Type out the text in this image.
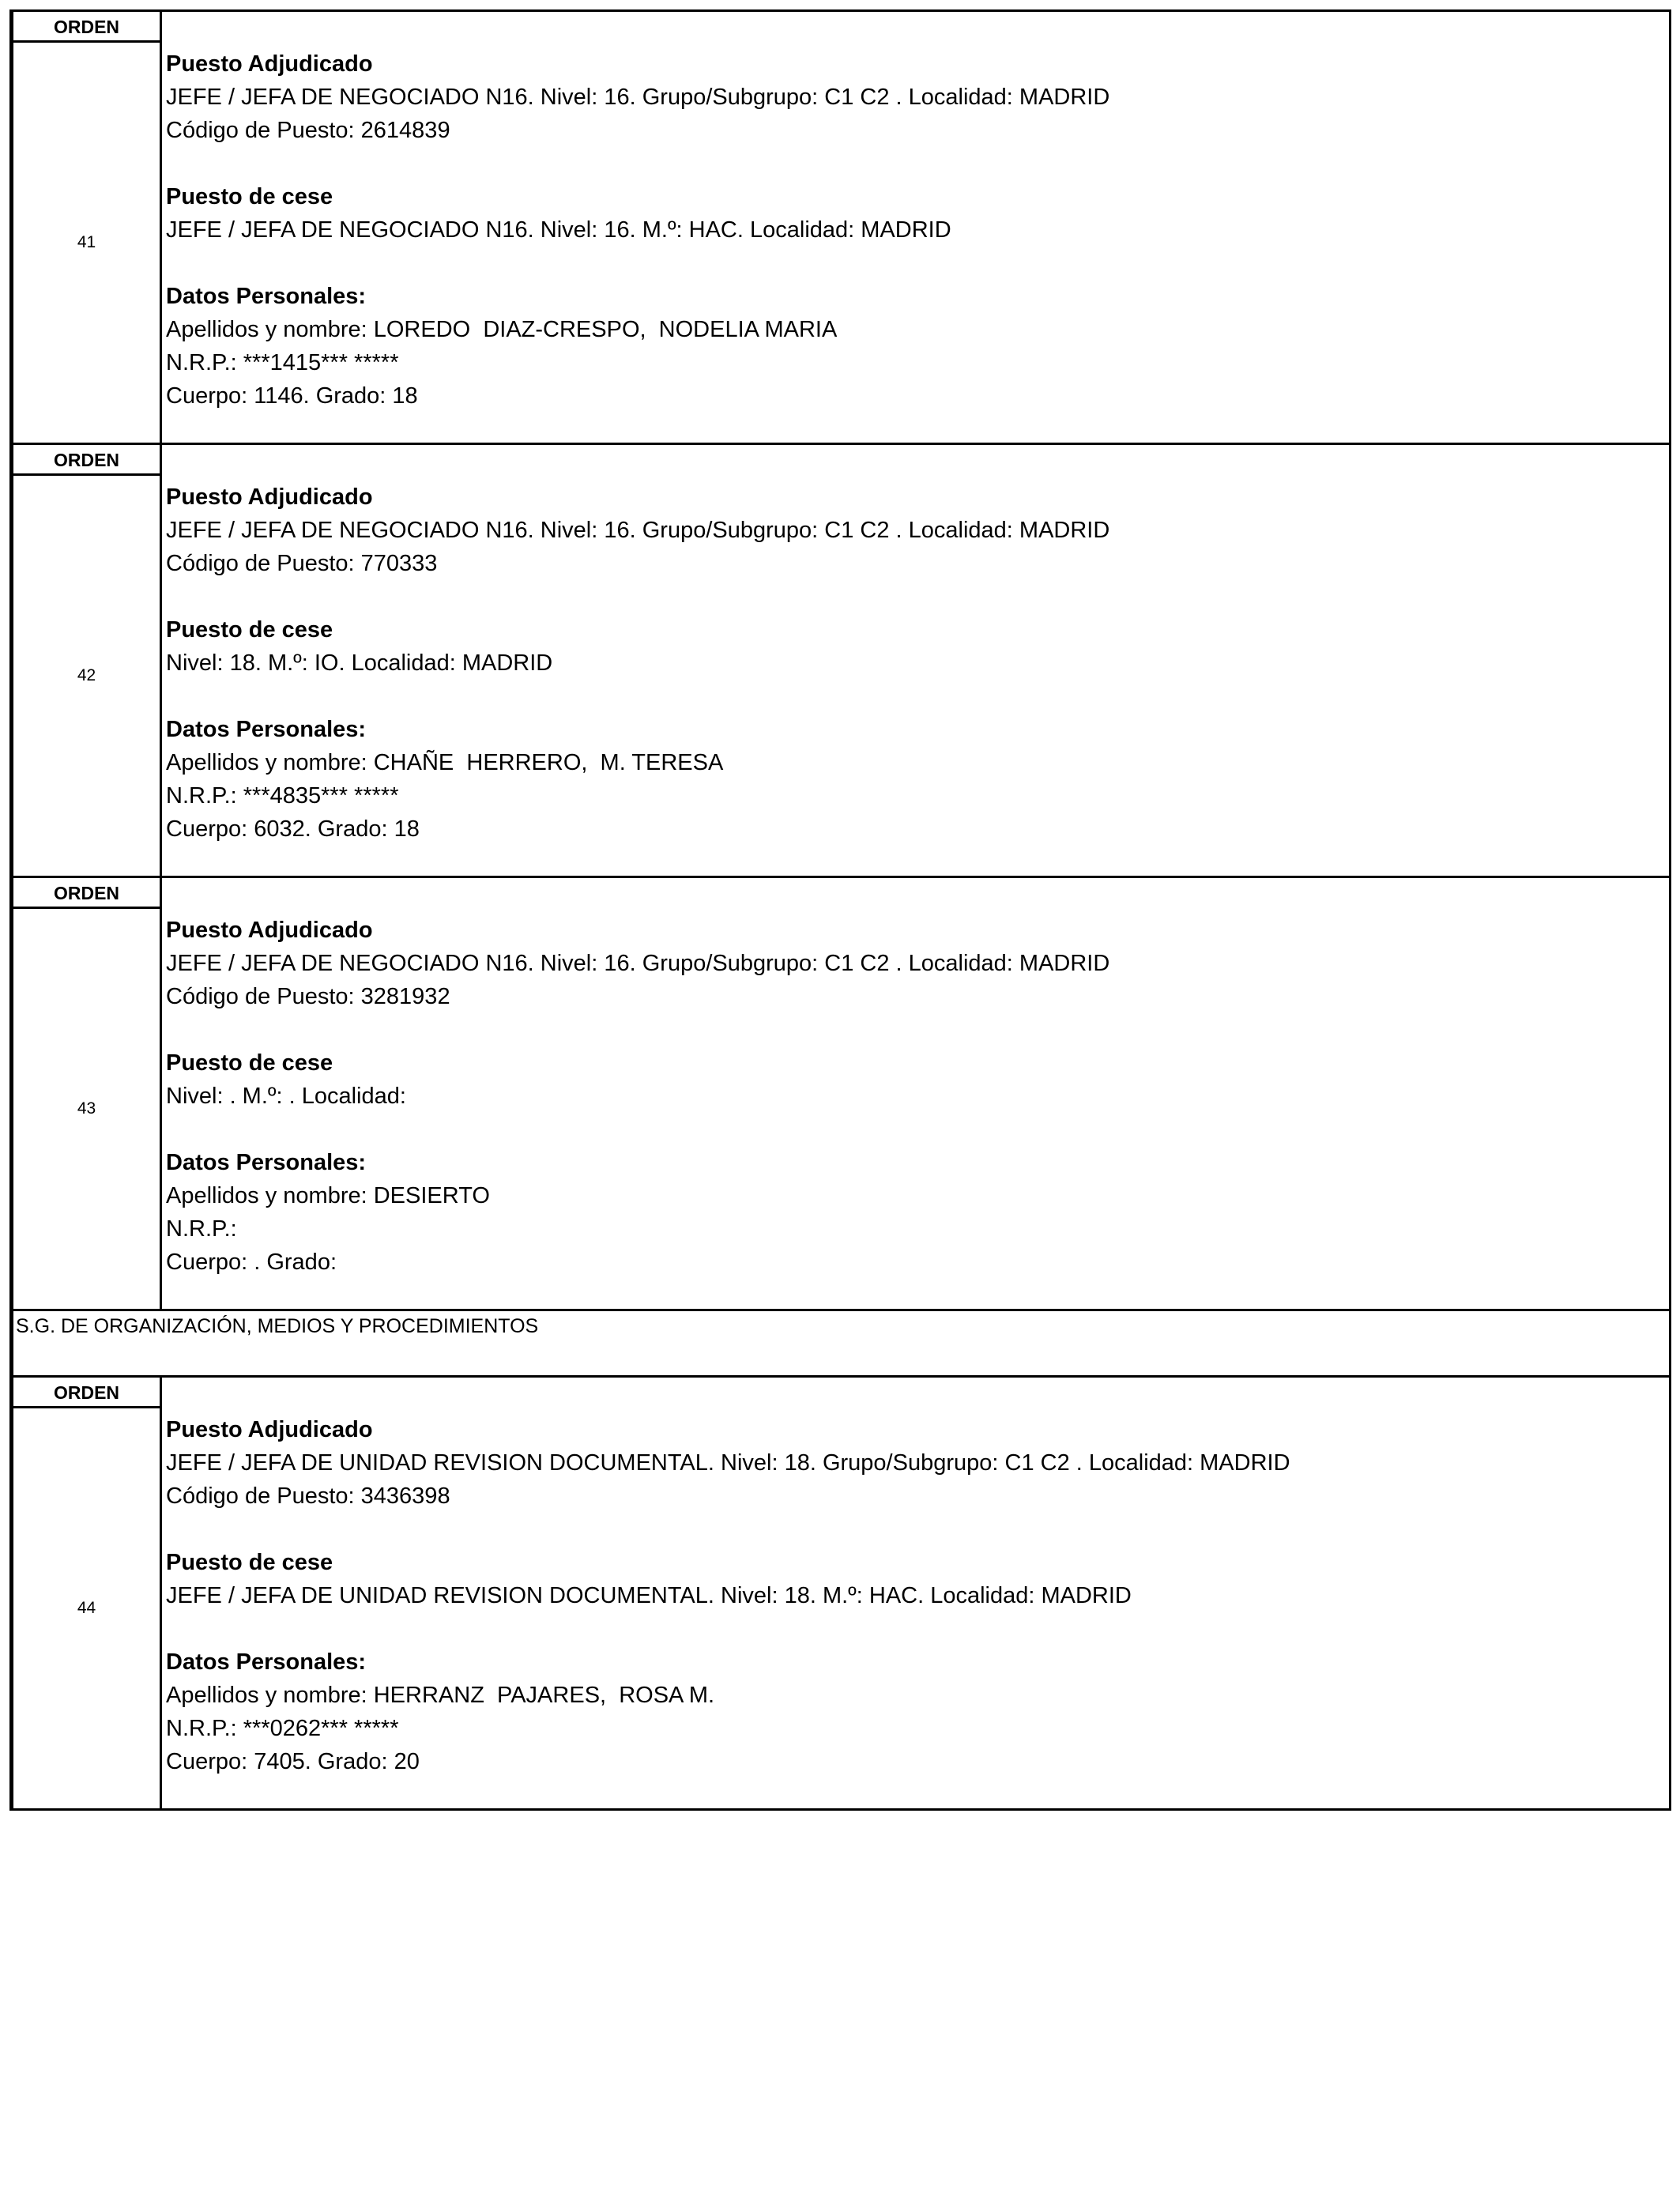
ORDEN
41
Puesto Adjudicado
JEFE / JEFA DE NEGOCIADO N16. Nivel: 16. Grupo/Subgrupo: C1 C2 . Localidad: MADRID
Código de Puesto: 2614839
Puesto de cese
JEFE / JEFA DE NEGOCIADO N16. Nivel: 16. M.º: HAC. Localidad: MADRID
Datos Personales:
Apellidos y nombre: LOREDO  DIAZ-CRESPO,  NODELIA MARIA
N.R.P.: ***1415*** *****
Cuerpo: 1146. Grado: 18
ORDEN
42
Puesto Adjudicado
JEFE / JEFA DE NEGOCIADO N16. Nivel: 16. Grupo/Subgrupo: C1 C2 . Localidad: MADRID
Código de Puesto: 770333
Puesto de cese
Nivel: 18. M.º: IO. Localidad: MADRID
Datos Personales:
Apellidos y nombre: CHAÑE  HERRERO,  M. TERESA
N.R.P.: ***4835*** *****
Cuerpo: 6032. Grado: 18
ORDEN
43
Puesto Adjudicado
JEFE / JEFA DE NEGOCIADO N16. Nivel: 16. Grupo/Subgrupo: C1 C2 . Localidad: MADRID
Código de Puesto: 3281932
Puesto de cese
Nivel: . M.º: . Localidad:
Datos Personales:
Apellidos y nombre: DESIERTO
N.R.P.:
Cuerpo: . Grado:
S.G. DE ORGANIZACIÓN, MEDIOS Y PROCEDIMIENTOS
ORDEN
44
Puesto Adjudicado
JEFE / JEFA DE UNIDAD REVISION DOCUMENTAL. Nivel: 18. Grupo/Subgrupo: C1 C2 . Localidad: MADRID
Código de Puesto: 3436398
Puesto de cese
JEFE / JEFA DE UNIDAD REVISION DOCUMENTAL. Nivel: 18. M.º: HAC. Localidad: MADRID
Datos Personales:
Apellidos y nombre: HERRANZ  PAJARES,  ROSA M.
N.R.P.: ***0262*** *****
Cuerpo: 7405. Grado: 20
